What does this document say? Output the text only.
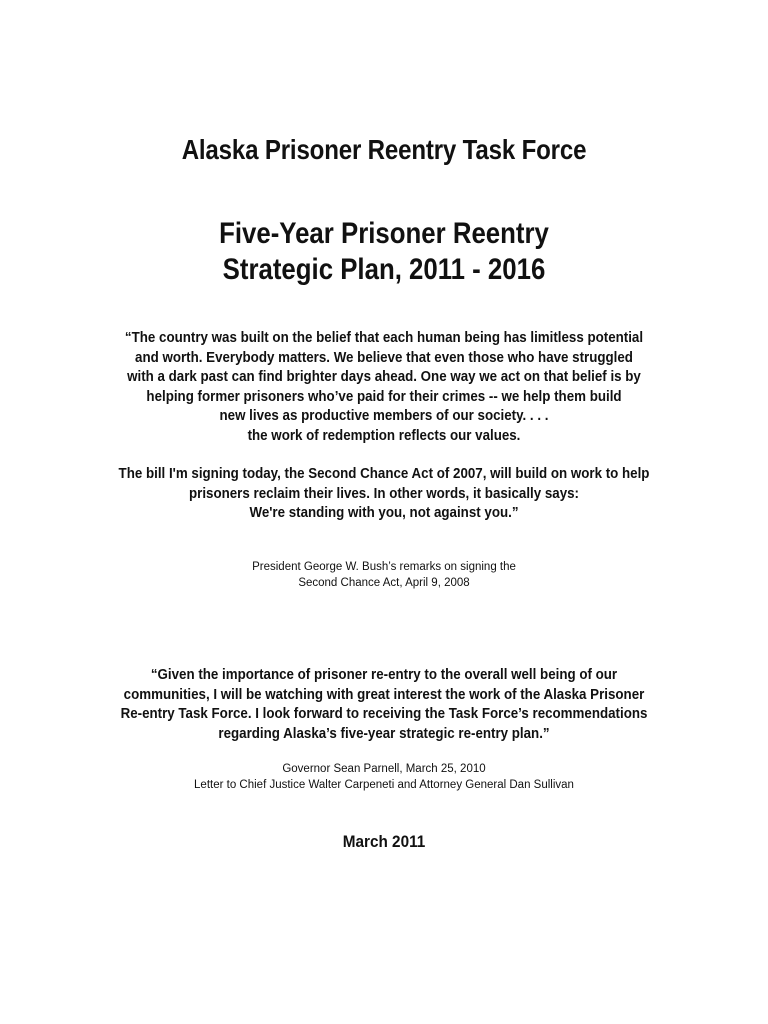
Alaska Prisoner Reentry Task Force
Five-Year Prisoner Reentry
Strategic Plan, 2011 - 2016
“The country was built on the belief that each human being has limitless potential
and worth. Everybody matters. We believe that even those who have struggled
with a dark past can find brighter days ahead. One way we act on that belief is by
helping former prisoners who’ve paid for their crimes -- we help them build
new lives as productive members of our society. . . .
the work of redemption reflects our values.
The bill I'm signing today, the Second Chance Act of 2007, will build on work to help
prisoners reclaim their lives. In other words, it basically says:
We're standing with you, not against you.”
President George W. Bush’s remarks on signing the
Second Chance Act, April 9, 2008
“Given the importance of prisoner re-entry to the overall well being of our
communities, I will be watching with great interest the work of the Alaska Prisoner
Re-entry Task Force. I look forward to receiving the Task Force’s recommendations
regarding Alaska’s five-year strategic re-entry plan.”
Governor Sean Parnell, March 25, 2010
Letter to Chief Justice Walter Carpeneti and Attorney General Dan Sullivan
March 2011
